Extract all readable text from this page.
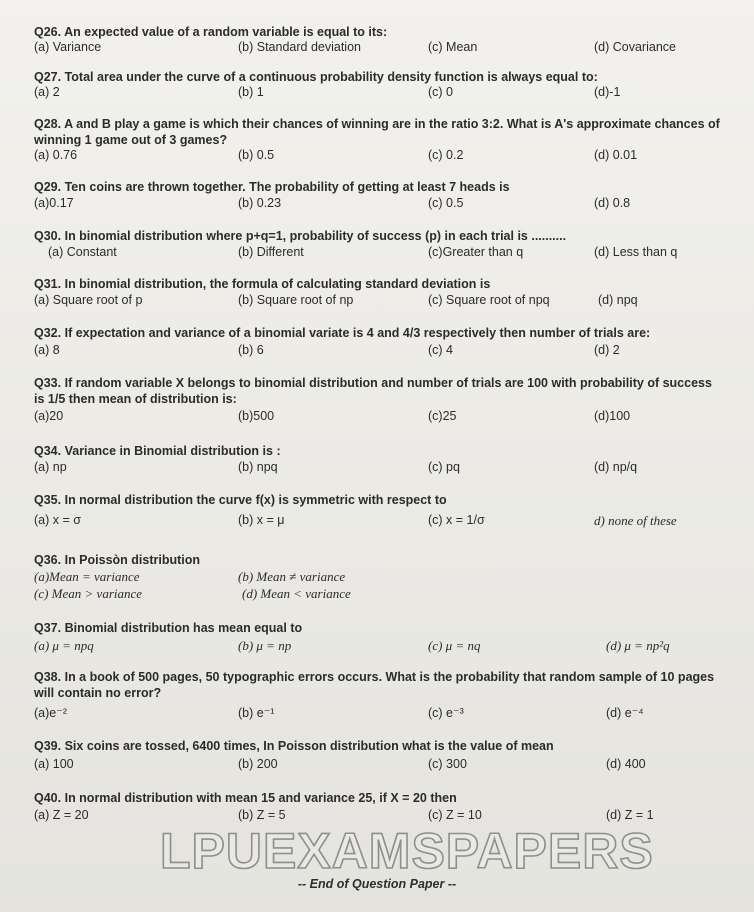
Q26. An expected value of a random variable is equal to its:
(a) Variance	(b) Standard deviation	(c) Mean	(d) Covariance
Q27. Total area under the curve of a continuous probability density function is always equal to:
(a) 2	(b) 1	(c) 0	(d)-1
Q28. A and B play a game is which their chances of winning are in the ratio 3:2. What is A's approximate chances of winning 1 game out of 3 games?
(a) 0.76	(b) 0.5	(c) 0.2	(d) 0.01
Q29. Ten coins are thrown together. The probability of getting at least 7 heads is
(a)0.17	(b) 0.23	(c) 0.5	(d) 0.8
Q30. In binomial distribution where p+q=1, probability of success (p) in each trial is ..........
(a) Constant	(b) Different	(c)Greater than q	(d) Less than q
Q31. In binomial distribution, the formula of calculating standard deviation is
(a) Square root of p	(b) Square root of np	(c) Square root of npq	(d) npq
Q32. If expectation and variance of a binomial variate is 4 and 4/3 respectively then number of trials are:
(a) 8	(b) 6	(c) 4	(d) 2
Q33. If random variable X belongs to binomial distribution and number of trials are 100 with probability of success is 1/5 then mean of distribution is:
(a)20	(b)500	(c)25	(d)100
Q34. Variance in Binomial distribution is :
(a) np	(b) npq	(c) pq	(d) np/q
Q35. In normal distribution the curve f(x) is symmetric with respect to
(a) x = σ	(b) x = μ	(c) x = 1/σ	d) none of these
Q36. In Poissòn distribution
(a)Mean = variance	(b) Mean ≠ variance
(c) Mean > variance	(d) Mean < variance
Q37. Binomial distribution has mean equal to
(a) μ = npq	(b) μ = np	(c) μ = nq	(d) μ = np²q
Q38. In a book of 500 pages, 50 typographic errors occurs. What is the probability that random sample of 10 pages will contain no error?
(a)e⁻²	(b) e⁻¹	(c) e⁻³	(d) e⁻⁴
Q39. Six coins are tossed, 6400 times, In Poisson distribution what is the value of mean
(a) 100	(b) 200	(c) 300	(d) 400
Q40. In normal distribution with mean 15 and variance 25, if X = 20 then
(a) Z = 20	(b) Z = 5	(c) Z = 10	(d) Z = 1
LPUEXAMSPAPERS
-- End of Question Paper --
